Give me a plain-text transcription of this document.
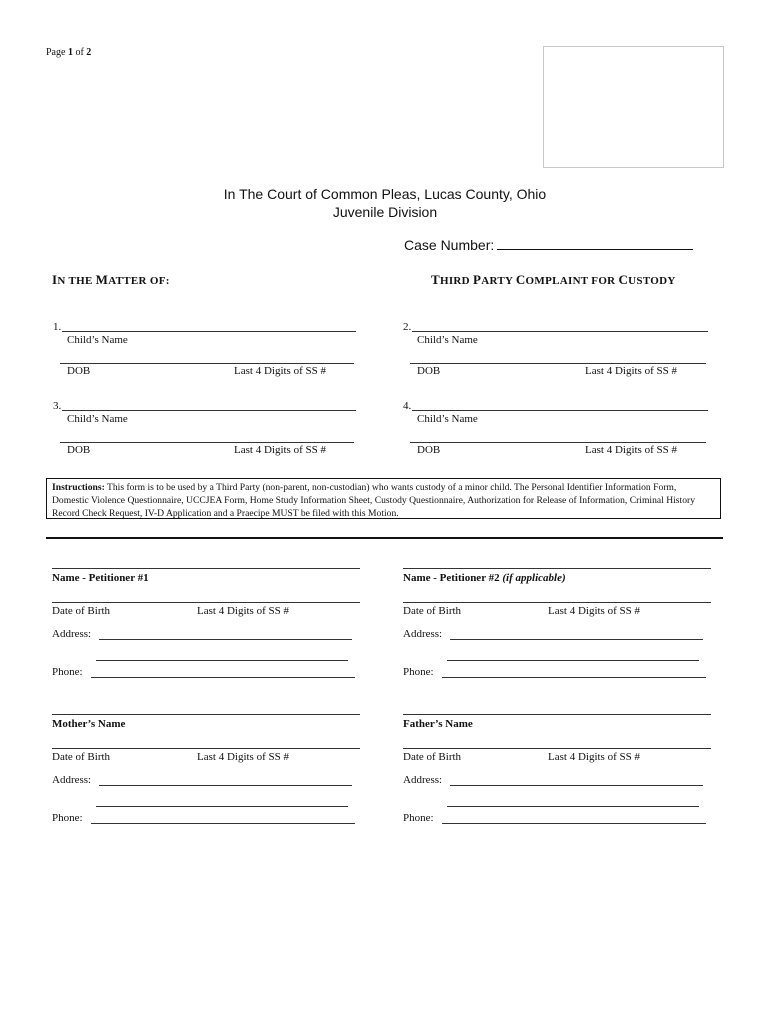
Page 1 of 2
In The Court of Common Pleas, Lucas County, Ohio
Juvenile Division
Case Number:
IN THE MATTER OF:	THIRD PARTY COMPLAINT FOR CUSTODY
1.
Child’s Name
DOB	Last 4 Digits of SS #
2.
Child’s Name
DOB	Last 4 Digits of SS #
3.
Child’s Name
DOB	Last 4 Digits of SS #
4.
Child’s Name
DOB	Last 4 Digits of SS #
Instructions: This form is to be used by a Third Party (non-parent, non-custodian) who wants custody of a minor child. The Personal Identifier Information Form, Domestic Violence Questionnaire, UCCJEA Form, Home Study Information Sheet, Custody Questionnaire, Authorization for Release of Information, Criminal History Record Check Request, IV-D Application and a Praecipe MUST be filed with this Motion.
Name - Petitioner #1
Date of Birth	Last 4 Digits of SS #
Address:
Phone:
Name - Petitioner #2 (if applicable)
Date of Birth	Last 4 Digits of SS #
Address:
Phone:
Mother’s Name
Date of Birth	Last 4 Digits of SS #
Address:
Phone:
Father’s Name
Date of Birth	Last 4 Digits of SS #
Address:
Phone:
